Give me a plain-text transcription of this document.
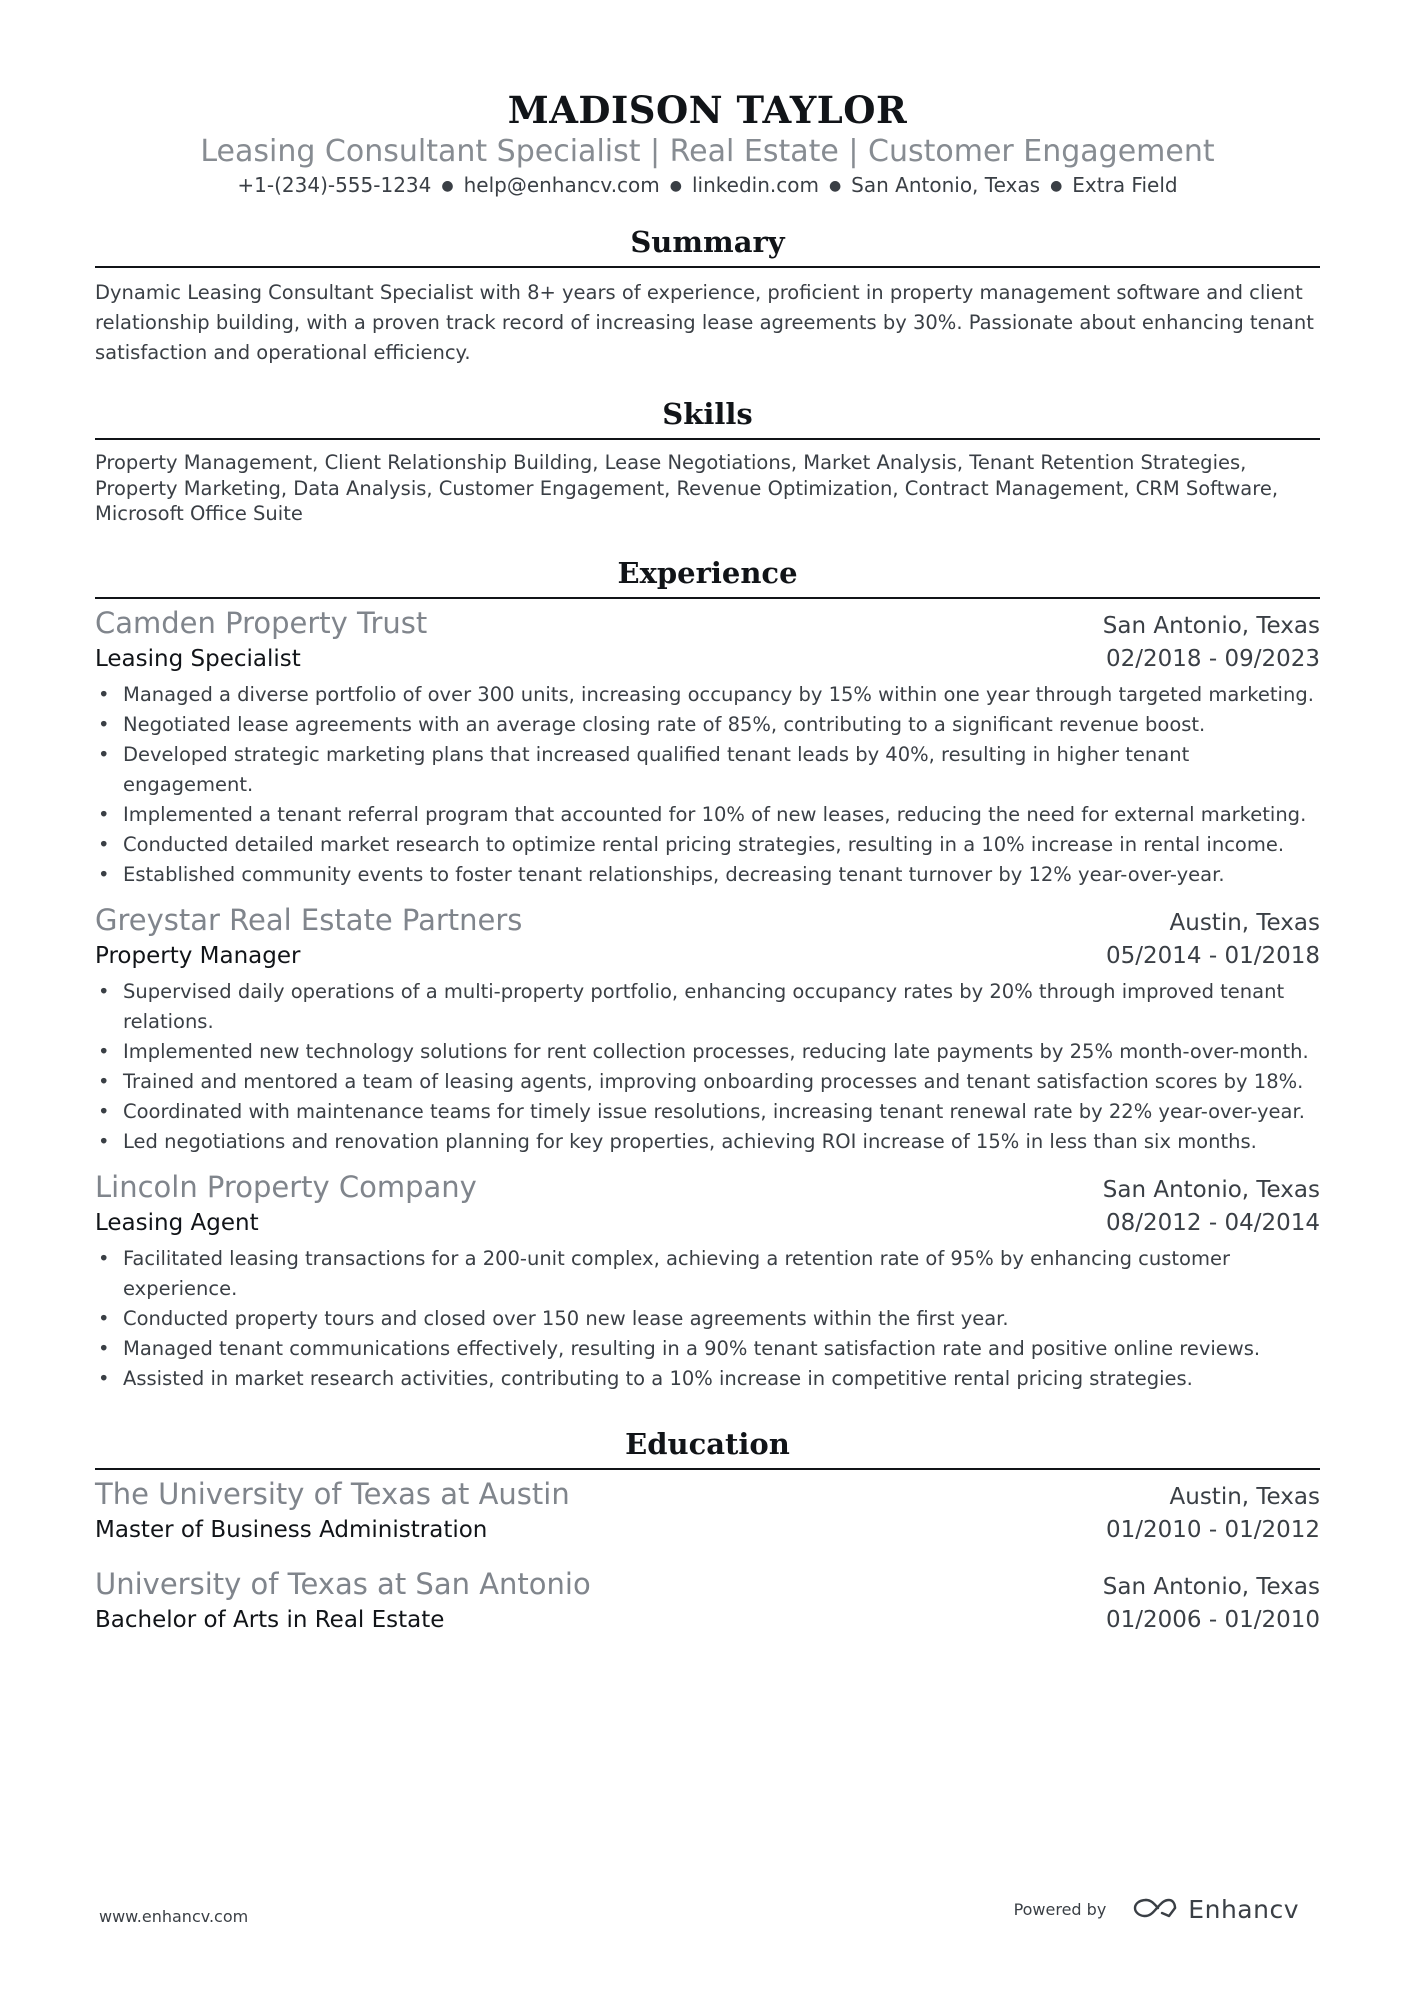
MADISON TAYLOR
Leasing Consultant Specialist | Real Estate | Customer Engagement
+1-(234)-555-1234 ● help@enhancv.com ● linkedin.com ● San Antonio, Texas ● Extra Field
Summary

Dynamic Leasing Consultant Specialist with 8+ years of experience, proficient in property management software and client relationship building, with a proven track record of increasing lease agreements by 30%. Passionate about enhancing tenant satisfaction and operational efficiency.

Skills

Property Management, Client Relationship Building, Lease Negotiations, Market Analysis, Tenant Retention Strategies, Property Marketing, Data Analysis, Customer Engagement, Revenue Optimization, Contract Management, CRM Software, Microsoft Office Suite

Experience
Camden Property Trust	San Antonio, Texas
Leasing Specialist	02/2018 - 09/2023
• Managed a diverse portfolio of over 300 units, increasing occupancy by 15% within one year through targeted marketing.
• Negotiated lease agreements with an average closing rate of 85%, contributing to a significant revenue boost.
• Developed strategic marketing plans that increased qualified tenant leads by 40%, resulting in higher tenant engagement.
• Implemented a tenant referral program that accounted for 10% of new leases, reducing the need for external marketing.
• Conducted detailed market research to optimize rental pricing strategies, resulting in a 10% increase in rental income.
• Established community events to foster tenant relationships, decreasing tenant turnover by 12% year-over-year.
Greystar Real Estate Partners	Austin, Texas
Property Manager	05/2014 - 01/2018
• Supervised daily operations of a multi-property portfolio, enhancing occupancy rates by 20% through improved tenant relations.
• Implemented new technology solutions for rent collection processes, reducing late payments by 25% month-over-month.
• Trained and mentored a team of leasing agents, improving onboarding processes and tenant satisfaction scores by 18%.
• Coordinated with maintenance teams for timely issue resolutions, increasing tenant renewal rate by 22% year-over-year.
• Led negotiations and renovation planning for key properties, achieving ROI increase of 15% in less than six months.
Lincoln Property Company	San Antonio, Texas
Leasing Agent	08/2012 - 04/2014
• Facilitated leasing transactions for a 200-unit complex, achieving a retention rate of 95% by enhancing customer experience.
• Conducted property tours and closed over 150 new lease agreements within the first year.
• Managed tenant communications effectively, resulting in a 90% tenant satisfaction rate and positive online reviews.
• Assisted in market research activities, contributing to a 10% increase in competitive rental pricing strategies.
Education
The University of Texas at Austin	Austin, Texas
Master of Business Administration	01/2010 - 01/2012
University of Texas at San Antonio	San Antonio, Texas
Bachelor of Arts in Real Estate	01/2006 - 01/2010
www.enhancv.com	Powered by	Enhancv
